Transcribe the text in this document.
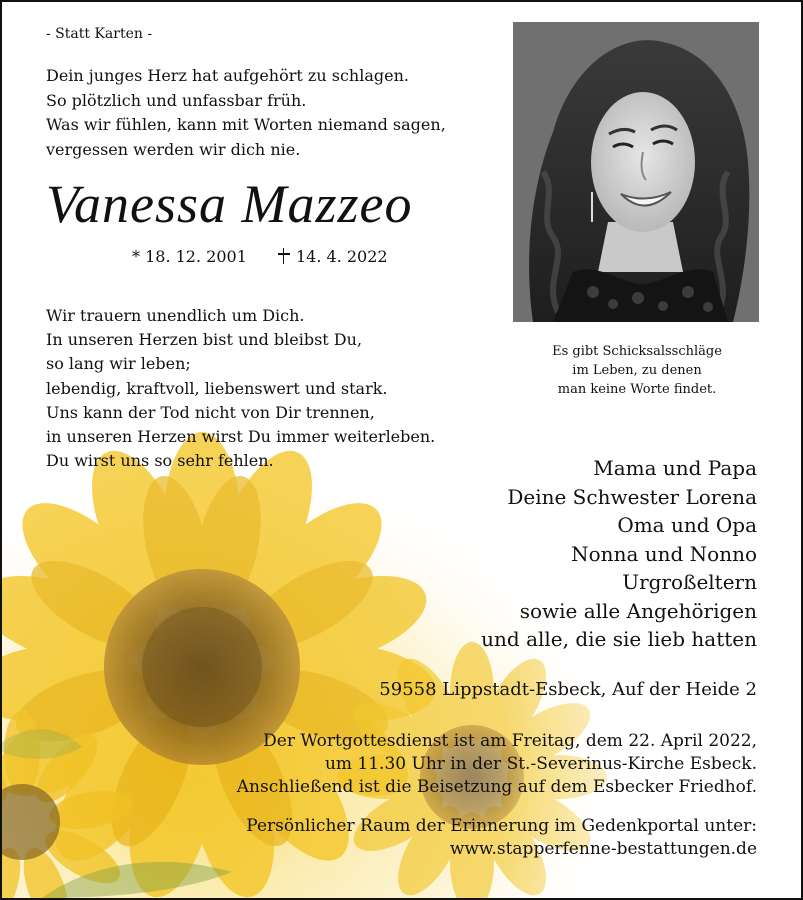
- Statt Karten -
Dein junges Herz hat aufgehört zu schlagen.
So plötzlich und unfassbar früh.
Was wir fühlen, kann mit Worten niemand sagen,
vergessen werden wir dich nie.
Vanessa Mazzeo
* 18. 12. 2001	14. 4. 2022
Wir trauern unendlich um Dich.
In unseren Herzen bist und bleibst Du,
so lang wir leben;
lebendig, kraftvoll, liebenswert und stark.
Uns kann der Tod nicht von Dir trennen,
in unseren Herzen wirst Du immer weiterleben.
Du wirst uns so sehr fehlen.
Es gibt Schicksalsschläge
im Leben, zu denen
man keine Worte findet.
Mama und Papa
Deine Schwester Lorena
Oma und Opa
Nonna und Nonno
Urgroßeltern
sowie alle Angehörigen
und alle, die sie lieb hatten
59558 Lippstadt-Esbeck, Auf der Heide 2
Der Wortgottesdienst ist am Freitag, dem 22. April 2022,
um 11.30 Uhr in der St.-Severinus-Kirche Esbeck.
Anschließend ist die Beisetzung auf dem Esbecker Friedhof.
Persönlicher Raum der Erinnerung im Gedenkportal unter:
www.stapperfenne-bestattungen.de
